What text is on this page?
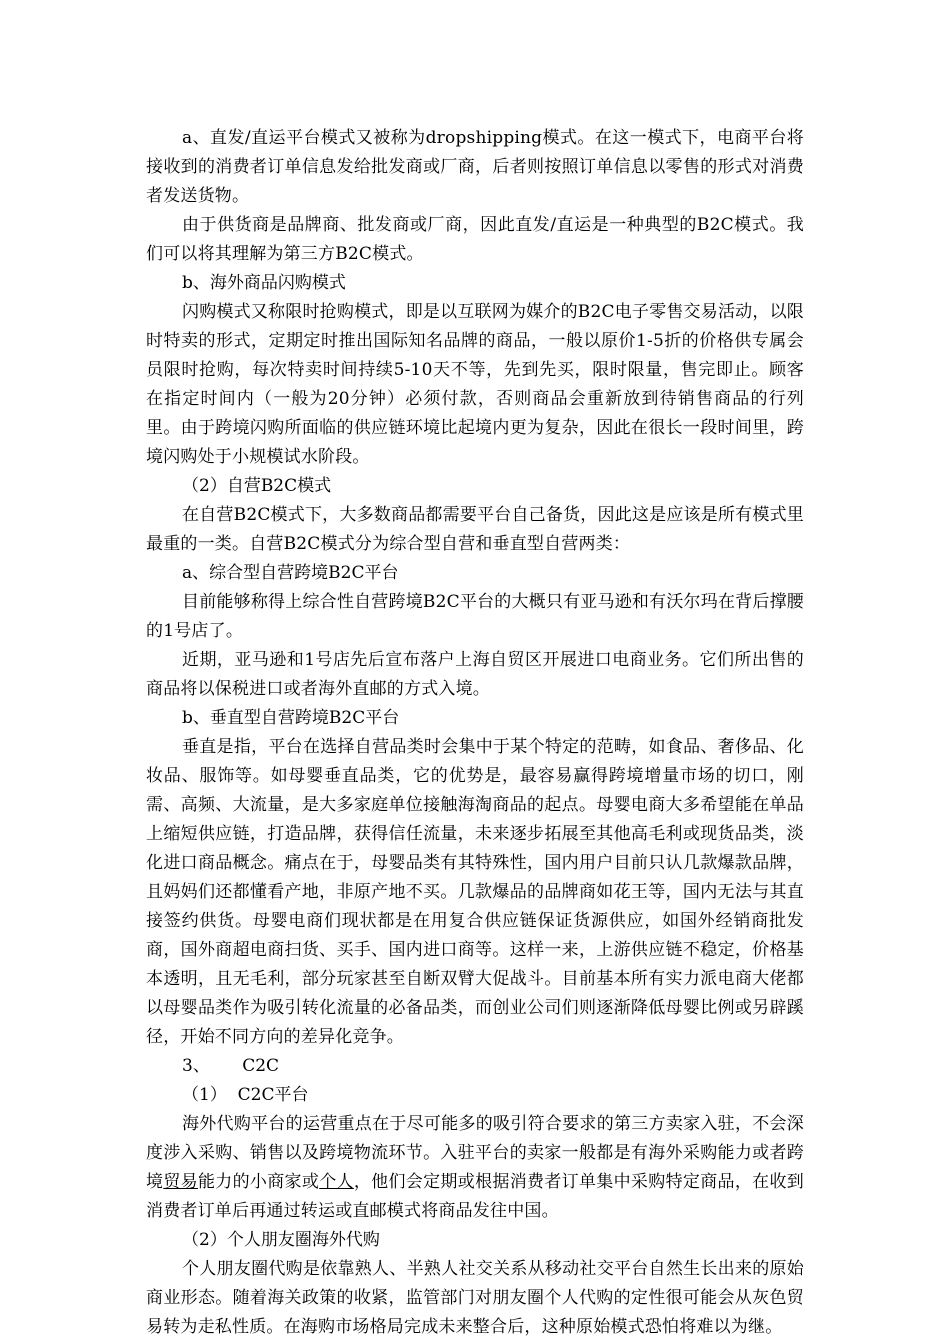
a、直发/直运平台模式又被称为dropshipping模式。在这一模式下，电商平台将接收到的消费者订单信息发给批发商或厂商，后者则按照订单信息以零售的形式对消费者发送货物。

由于供货商是品牌商、批发商或厂商，因此直发/直运是一种典型的B2C模式。我们可以将其理解为第三方B2C模式。

b、海外商品闪购模式

闪购模式又称限时抢购模式，即是以互联网为媒介的B2C电子零售交易活动，以限时特卖的形式，定期定时推出国际知名品牌的商品，一般以原价1-5折的价格供专属会员限时抢购，每次特卖时间持续5-10天不等，先到先买，限时限量，售完即止。顾客在指定时间内（一般为20分钟）必须付款，否则商品会重新放到待销售商品的行列里。由于跨境闪购所面临的供应链环境比起境内更为复杂，因此在很长一段时间里，跨境闪购处于小规模试水阶段。

（2）自营B2C模式

在自营B2C模式下，大多数商品都需要平台自己备货，因此这是应该是所有模式里最重的一类。自营B2C模式分为综合型自营和垂直型自营两类：

a、综合型自营跨境B2C平台

目前能够称得上综合性自营跨境B2C平台的大概只有亚马逊和有沃尔玛在背后撑腰的1号店了。

近期，亚马逊和1号店先后宣布落户上海自贸区开展进口电商业务。它们所出售的商品将以保税进口或者海外直邮的方式入境。

b、垂直型自营跨境B2C平台

垂直是指，平台在选择自营品类时会集中于某个特定的范畴，如食品、奢侈品、化妆品、服饰等。如母婴垂直品类，它的优势是，最容易赢得跨境增量市场的切口，刚需、高频、大流量，是大多家庭单位接触海淘商品的起点。母婴电商大多希望能在单品上缩短供应链，打造品牌，获得信任流量，未来逐步拓展至其他高毛利或现货品类，淡化进口商品概念。痛点在于，母婴品类有其特殊性，国内用户目前只认几款爆款品牌，且妈妈们还都懂看产地，非原产地不买。几款爆品的品牌商如花王等，国内无法与其直接签约供货。母婴电商们现状都是在用复合供应链保证货源供应，如国外经销商批发商，国外商超电商扫货、买手、国内进口商等。这样一来，上游供应链不稳定，价格基本透明，且无毛利，部分玩家甚至自断双臂大促战斗。目前基本所有实力派电商大佬都以母婴品类作为吸引转化流量的必备品类，而创业公司们则逐渐降低母婴比例或另辟蹊径，开始不同方向的差异化竞争。

3、      C2C

（1）  C2C平台

海外代购平台的运营重点在于尽可能多的吸引符合要求的第三方卖家入驻，不会深度涉入采购、销售以及跨境物流环节。入驻平台的卖家一般都是有海外采购能力或者跨境贸易能力的小商家或个人，他们会定期或根据消费者订单集中采购特定商品，在收到消费者订单后再通过转运或直邮模式将商品发往中国。

（2）个人朋友圈海外代购

个人朋友圈代购是依靠熟人、半熟人社交关系从移动社交平台自然生长出来的原始商业形态。随着海关政策的收紧，监管部门对朋友圈个人代购的定性很可能会从灰色贸易转为走私性质。在海购市场格局完成未来整合后，这种原始模式恐怕将难以为继。
